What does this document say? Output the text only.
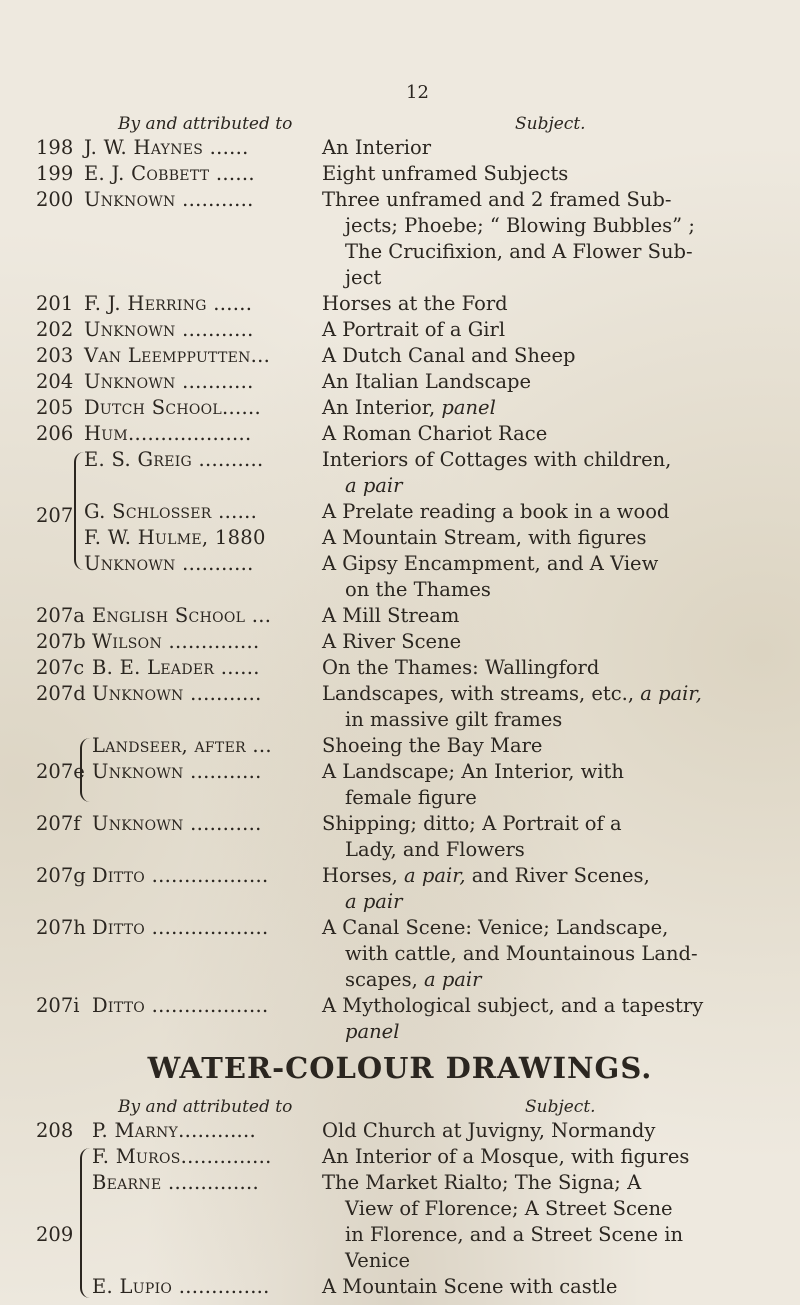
12
By and attributed to	Subject.
198 J. W. Haynes ......	An Interior
199 E. J. Cobbett ......	Eight unframed Subjects
200 Unknown ...........	Three unframed and 2 framed Sub-
jects; Phoebe; “ Blowing Bubbles” ;
The Crucifixion, and A Flower Sub-
ject
201 F. J. Herring ......	Horses at the Ford
202 Unknown ...........	A Portrait of a Girl
203 Van Leempputten...	A Dutch Canal and Sheep
204 Unknown ...........	An Italian Landscape
205 Dutch School......	An Interior, panel
206 Hum...................	A Roman Chariot Race
207
E. S. Greig ..........	Interiors of Cottages with children,
a pair
G. Schlosser ......	A Prelate reading a book in a wood
F. W. Hulme, 1880	A Mountain Stream, with figures
Unknown ...........	A Gipsy Encampment, and A View
on the Thames
207a English School ...	A Mill Stream
207b Wilson ..............	A River Scene
207c B. E. Leader ......	On the Thames: Wallingford
207d Unknown ...........	Landscapes, with streams, etc., a pair,
in massive gilt frames
207e
Landseer, after ...	Shoeing the Bay Mare
Unknown ...........	A Landscape; An Interior, with
female figure
207f Unknown ...........	Shipping; ditto; A Portrait of a
Lady, and Flowers
207g Ditto ..................	Horses, a pair, and River Scenes,
a pair
207h Ditto ..................	A Canal Scene: Venice; Landscape,
with cattle, and Mountainous Land-
scapes, a pair
207i Ditto ..................	A Mythological subject, and a tapestry
panel
WATER-COLOUR DRAWINGS.
By and attributed to	Subject.
208 P. Marny............	Old Church at Juvigny, Normandy
209
F. Muros..............	An Interior of a Mosque, with figures
Bearne ..............	The Market Rialto; The Signa; A
View of Florence; A Street Scene
in Florence, and a Street Scene in
Venice
E. Lupio ..............	A Mountain Scene with castle
